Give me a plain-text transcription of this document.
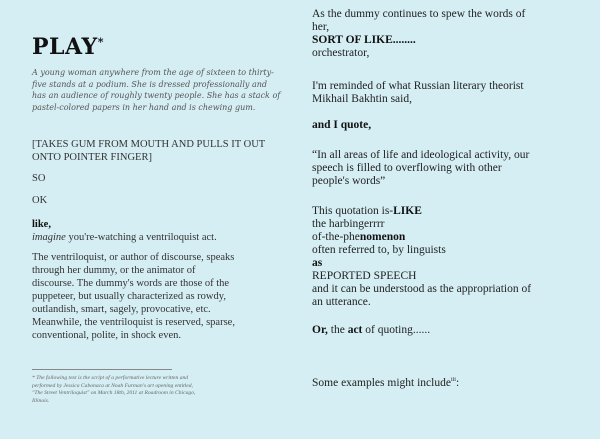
PLAY*
A young woman anywhere from the age of sixteen to thirty-
five stands at a podium. She is dressed professionally and
has an audience of roughly twenty people. She has a stack of
pastel-colored papers in her hand and is chewing gum.
[TAKES GUM FROM MOUTH AND PULLS IT OUT
ONTO POINTER FINGER]
SO
OK
like,
imagine you're-watching a ventriloquist act.
The ventriloquist, or author of discourse, speaks
through her dummy, or the animator of
discourse. The dummy's words are those of the
puppeteer, but usually characterized as rowdy,
outlandish, smart, sagely, provocative, etc.
Meanwhile, the ventriloquist is reserved, sparse,
conventional, polite, in shock even.
* The following text is the script of a performative lecture written and
performed by Jessica Cabonaca at Noah Furman's art opening entitled,
"The Street Ventriloquist" on March 18th, 2011 at Roadroom in Chicago,
Illinois.
As the dummy continues to spew the words of
her,
SORT OF LIKE........
orchestrator,
I'm reminded of what Russian literary theorist
Mikhail Bakhtin said,
and I quote,
“In all areas of life and ideological activity, our
speech is filled to overflowing with other
people's words”
This quotation is-LIKE
the harbingerrrr
of-the-phenomenon
often referred to, by linguists
as
REPORTED SPEECH
and it can be understood as the appropriation of
an utterance.
Or, the act of quoting......
Some examples might include$^{iii}$:
